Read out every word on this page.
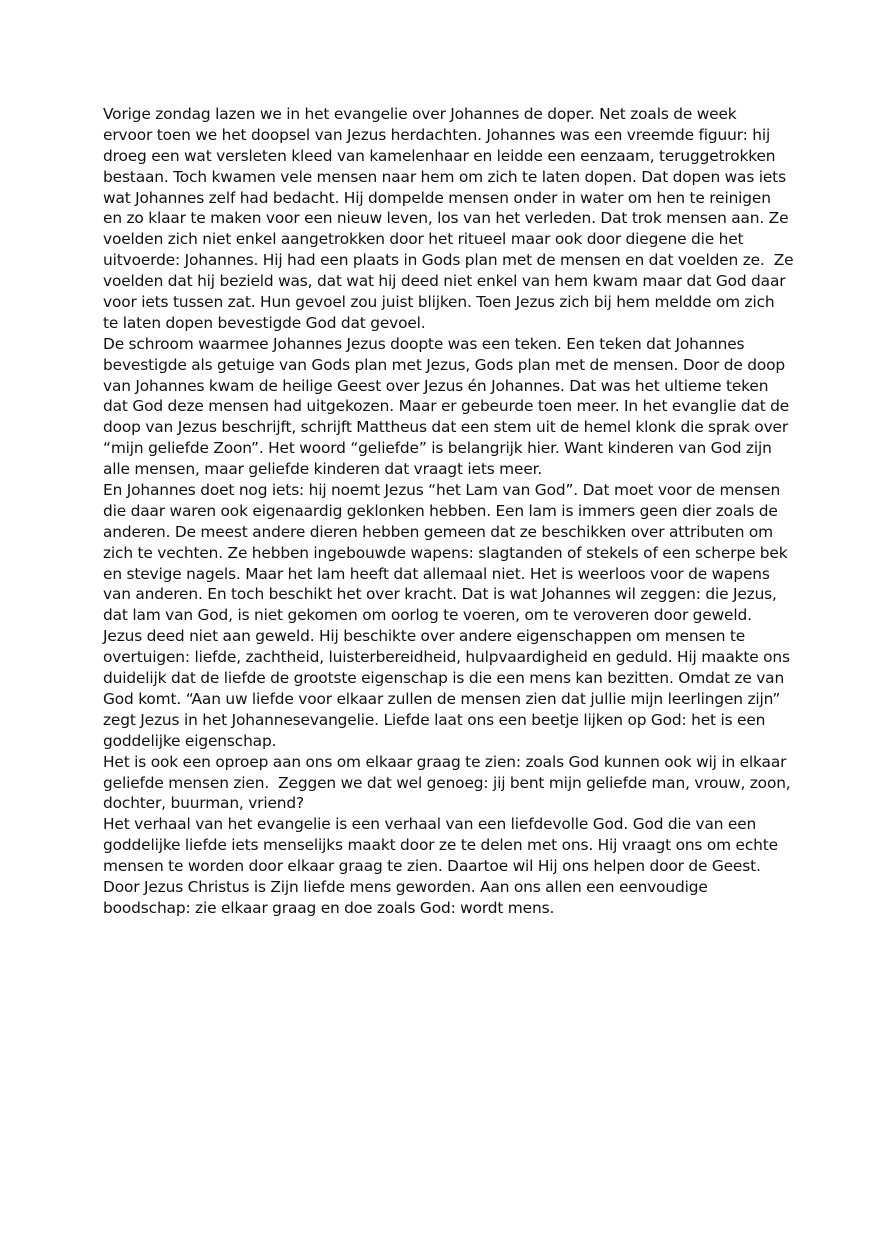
Vorige zondag lazen we in het evangelie over Johannes de doper. Net zoals de week
ervoor toen we het doopsel van Jezus herdachten. Johannes was een vreemde figuur: hij
droeg een wat versleten kleed van kamelenhaar en leidde een eenzaam, teruggetrokken
bestaan. Toch kwamen vele mensen naar hem om zich te laten dopen. Dat dopen was iets
wat Johannes zelf had bedacht. Hij dompelde mensen onder in water om hen te reinigen
en zo klaar te maken voor een nieuw leven, los van het verleden. Dat trok mensen aan. Ze
voelden zich niet enkel aangetrokken door het ritueel maar ook door diegene die het
uitvoerde: Johannes. Hij had een plaats in Gods plan met de mensen en dat voelden ze.  Ze
voelden dat hij bezield was, dat wat hij deed niet enkel van hem kwam maar dat God daar
voor iets tussen zat. Hun gevoel zou juist blijken. Toen Jezus zich bij hem meldde om zich
te laten dopen bevestigde God dat gevoel.
De schroom waarmee Johannes Jezus doopte was een teken. Een teken dat Johannes
bevestigde als getuige van Gods plan met Jezus, Gods plan met de mensen. Door de doop
van Johannes kwam de heilige Geest over Jezus én Johannes. Dat was het ultieme teken
dat God deze mensen had uitgekozen. Maar er gebeurde toen meer. In het evanglie dat de
doop van Jezus beschrijft, schrijft Mattheus dat een stem uit de hemel klonk die sprak over
“mijn geliefde Zoon”. Het woord “geliefde” is belangrijk hier. Want kinderen van God zijn
alle mensen, maar geliefde kinderen dat vraagt iets meer.
En Johannes doet nog iets: hij noemt Jezus “het Lam van God”. Dat moet voor de mensen
die daar waren ook eigenaardig geklonken hebben. Een lam is immers geen dier zoals de
anderen. De meest andere dieren hebben gemeen dat ze beschikken over attributen om
zich te vechten. Ze hebben ingebouwde wapens: slagtanden of stekels of een scherpe bek
en stevige nagels. Maar het lam heeft dat allemaal niet. Het is weerloos voor de wapens
van anderen. En toch beschikt het over kracht. Dat is wat Johannes wil zeggen: die Jezus,
dat lam van God, is niet gekomen om oorlog te voeren, om te veroveren door geweld.
Jezus deed niet aan geweld. Hij beschikte over andere eigenschappen om mensen te
overtuigen: liefde, zachtheid, luisterbereidheid, hulpvaardigheid en geduld. Hij maakte ons
duidelijk dat de liefde de grootste eigenschap is die een mens kan bezitten. Omdat ze van
God komt. “Aan uw liefde voor elkaar zullen de mensen zien dat jullie mijn leerlingen zijn”
zegt Jezus in het Johannesevangelie. Liefde laat ons een beetje lijken op God: het is een
goddelijke eigenschap.
Het is ook een oproep aan ons om elkaar graag te zien: zoals God kunnen ook wij in elkaar
geliefde mensen zien.  Zeggen we dat wel genoeg: jij bent mijn geliefde man, vrouw, zoon,
dochter, buurman, vriend?
Het verhaal van het evangelie is een verhaal van een liefdevolle God. God die van een
goddelijke liefde iets menselijks maakt door ze te delen met ons. Hij vraagt ons om echte
mensen te worden door elkaar graag te zien. Daartoe wil Hij ons helpen door de Geest.
Door Jezus Christus is Zijn liefde mens geworden. Aan ons allen een eenvoudige
boodschap: zie elkaar graag en doe zoals God: wordt mens.
